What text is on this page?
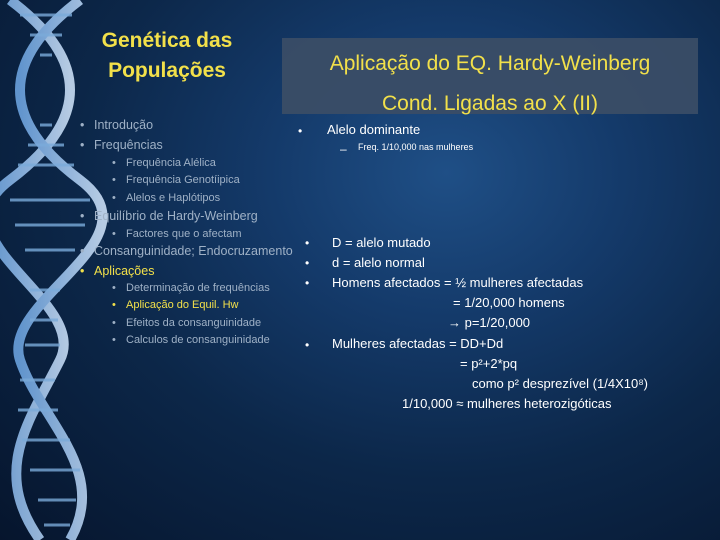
Genética das
Populações	Aplicação do EQ. Hardy-Weinberg
Cond. Ligadas ao X (II)
• Introdução
• Frequências
• Frequência Alélica
• Frequência Genotíipica
• Alelos e Haplótipos
• Equilíbrio de Hardy-Weinberg
• Factores que o afectam
• Consanguinidade; Endocruzamento
• Aplicações
• Determinação de frequências
• Aplicação do Equil. Hw
• Efeitos da consanguinidade
• Calculos de consanguinidade
• Alelo dominante
– Freq. 1/10,000 nas mulheres
• D = alelo mutado
• d = alelo normal
• Homens afectados = ½ mulheres afectadas
= 1/20,000 homens
→ p=1/20,000
• Mulheres afectadas = DD+Dd
= p²+2*pq
como p² desprezível (1/4X10⁸)
1/10,000 ≈ mulheres heterozigóticas
